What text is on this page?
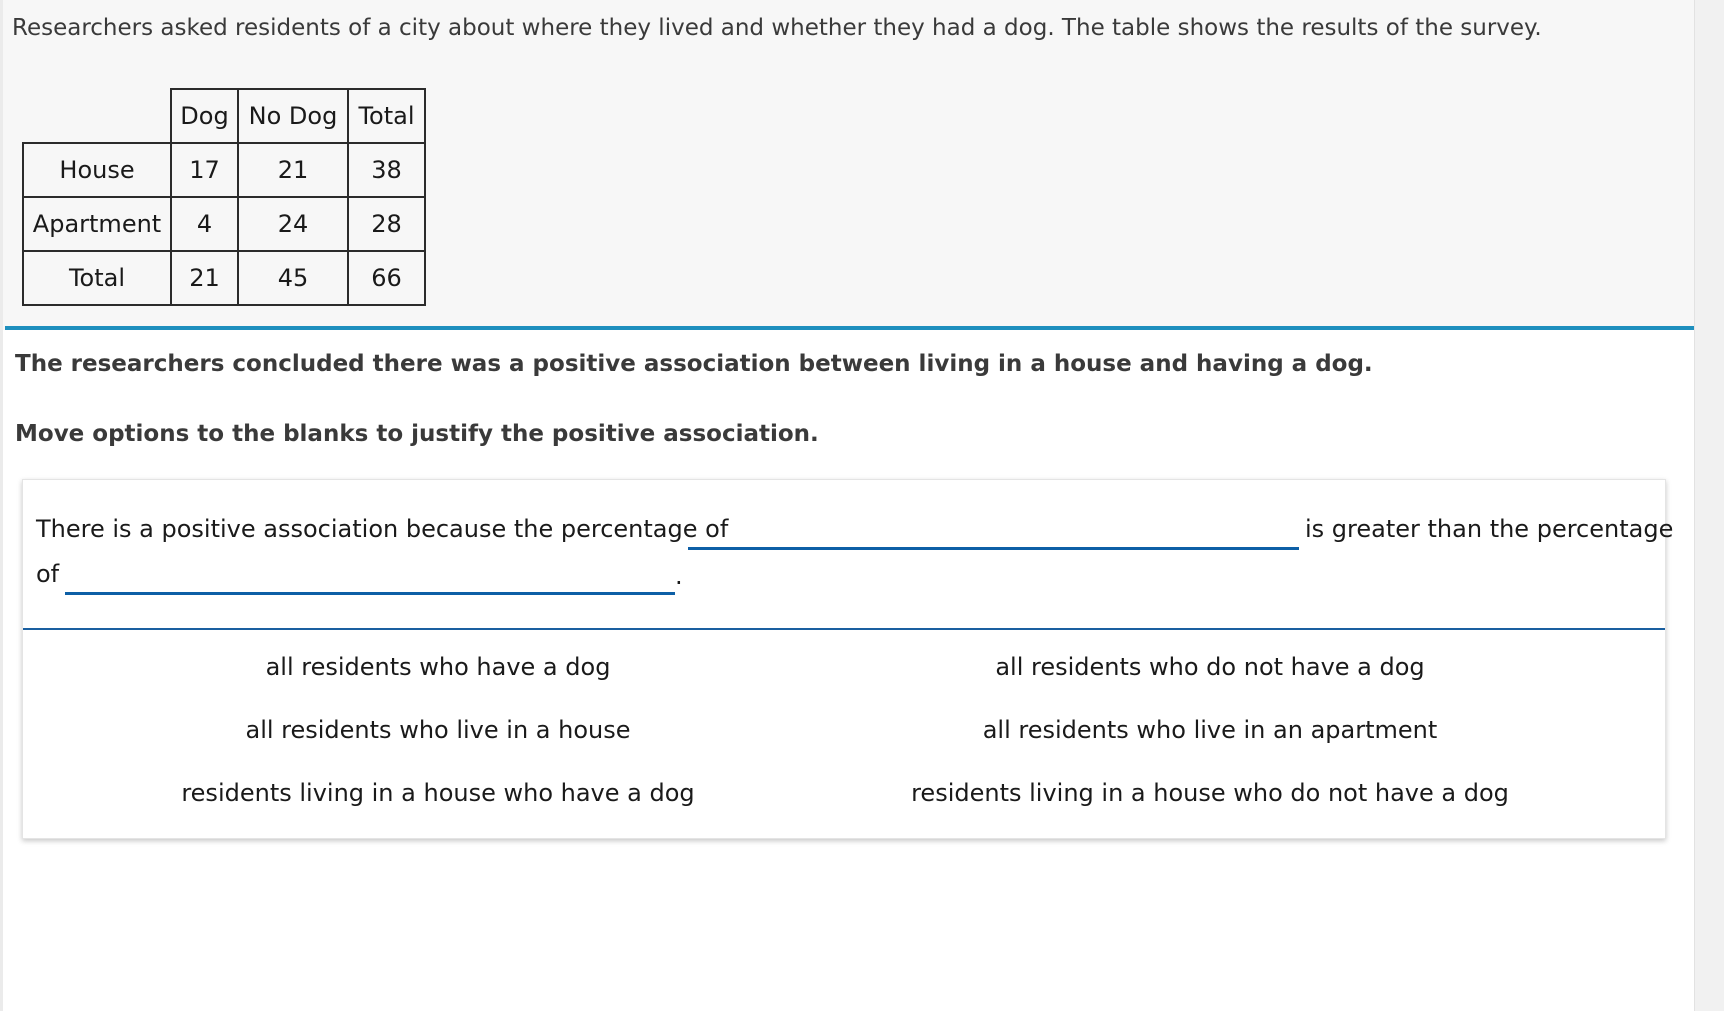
Researchers asked residents of a city about where they lived and whether they had a dog. The table shows the results of the survey.
	Dog	No Dog	Total
House	17	21	38
Apartment	4	24	28
Total	21	45	66
The researchers concluded there was a positive association between living in a house and having a dog.
Move options to the blanks to justify the positive association.
There is a positive association because the percentage of	is greater than the percentage
of	.
all residents who have a dog	all residents who do not have a dog
all residents who live in a house	all residents who live in an apartment
residents living in a house who have a dog	residents living in a house who do not have a dog
